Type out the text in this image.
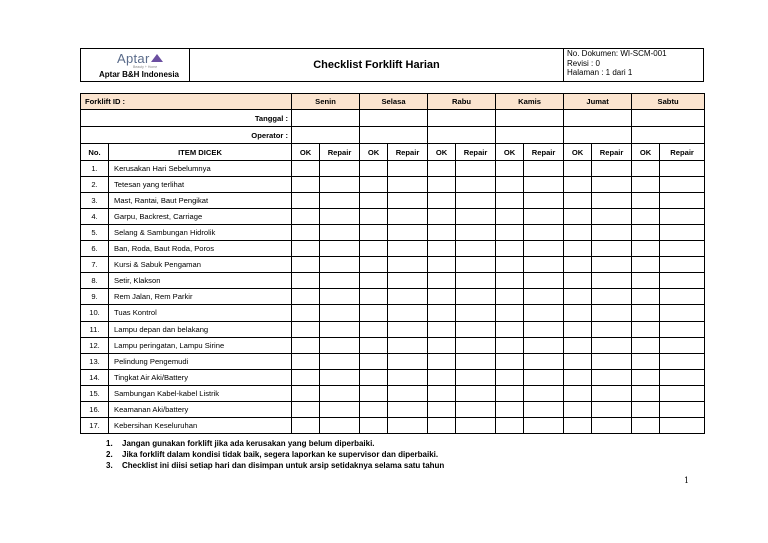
Aptar
Beauty + Home
Aptar B&H Indonesia
	Checklist Forklift Harian	
No. Dokumen: WI-SCM-001
Revisi : 0
Halaman : 1 dari 1
Forklift ID :		Senin		Selasa		Rabu		Kamis		Jumat		Sabtu	
Tanggal :													
Operator :													
No.	ITEM DICEK	OK	Repair	OK	Repair	OK	Repair	OK	Repair	OK	Repair	OK	Repair
1.	Kerusakan Hari Sebelumnya												
2.	Tetesan yang terlihat												
3.	Mast, Rantai, Baut Pengikat												
4.	Garpu, Backrest, Carriage												
5.	Selang & Sambungan Hidrolik												
6.	Ban, Roda, Baut Roda, Poros												
7.	Kursi & Sabuk Pengaman												
8.	Setir, Klakson												
9.	Rem Jalan, Rem Parkir												
10.	Tuas Kontrol												
11.	Lampu depan dan belakang												
12.	Lampu peringatan, Lampu Sirine												
13.	Pelindung Pengemudi												
14.	Tingkat Air Aki/Battery												
15.	Sambungan Kabel-kabel Listrik												
16.	Keamanan Aki/battery												
17.	Kebersihan Keseluruhan												
1. Jangan gunakan forklift jika ada kerusakan yang belum diperbaiki.
2. Jika forklift dalam kondisi tidak baik, segera laporkan ke supervisor dan diperbaiki.
3. Checklist ini diisi setiap hari dan disimpan untuk arsip setidaknya selama satu tahun
1
